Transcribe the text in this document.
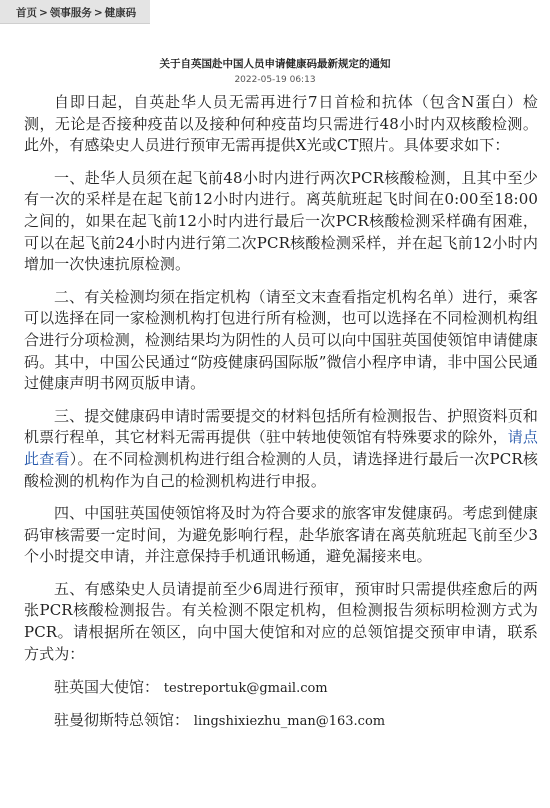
首页 > 领事服务 > 健康码
关于自英国赴中国人员申请健康码最新规定的通知
2022-05-19 06:13

自即日起，自英赴华人员无需再进行7日首检和抗体（包含N蛋白）检测，无论是否接种疫苗以及接种何种疫苗均只需进行48小时内双核酸检测。此外，有感染史人员进行预审无需再提供X光或CT照片。具体要求如下：

一、赴华人员须在起飞前48小时内进行两次PCR核酸检测，且其中至少有一次的采样是在起飞前12小时内进行。离英航班起飞时间在0:00至18:00之间的，如果在起飞前12小时内进行最后一次PCR核酸检测采样确有困难，可以在起飞前24小时内进行第二次PCR核酸检测采样，并在起飞前12小时内增加一次快速抗原检测。

二、有关检测均须在指定机构（请至文末查看指定机构名单）进行，乘客可以选择在同一家检测机构打包进行所有检测，也可以选择在不同检测机构组合进行分项检测，检测结果均为阴性的人员可以向中国驻英国使领馆申请健康码。其中，中国公民通过“防疫健康码国际版”微信小程序申请，非中国公民通过健康声明书网页版申请。

三、提交健康码申请时需要提交的材料包括所有检测报告、护照资料页和机票行程单，其它材料无需再提供（驻中转地使领馆有特殊要求的除外，请点此查看）。在不同检测机构进行组合检测的人员，请选择进行最后一次PCR核酸检测的机构作为自己的检测机构进行申报。

四、中国驻英国使领馆将及时为符合要求的旅客审发健康码。考虑到健康码审核需要一定时间，为避免影响行程，赴华旅客请在离英航班起飞前至少3个小时提交申请，并注意保持手机通讯畅通，避免漏接来电。

五、有感染史人员请提前至少6周进行预审，预审时只需提供痊愈后的两张PCR核酸检测报告。有关检测不限定机构，但检测报告须标明检测方式为PCR。请根据所在领区，向中国大使馆和对应的总领馆提交预审申请，联系方式为：

驻英国大使馆： testreportuk@gmail.com
驻曼彻斯特总领馆： lingshixiezhu_man@163.com
